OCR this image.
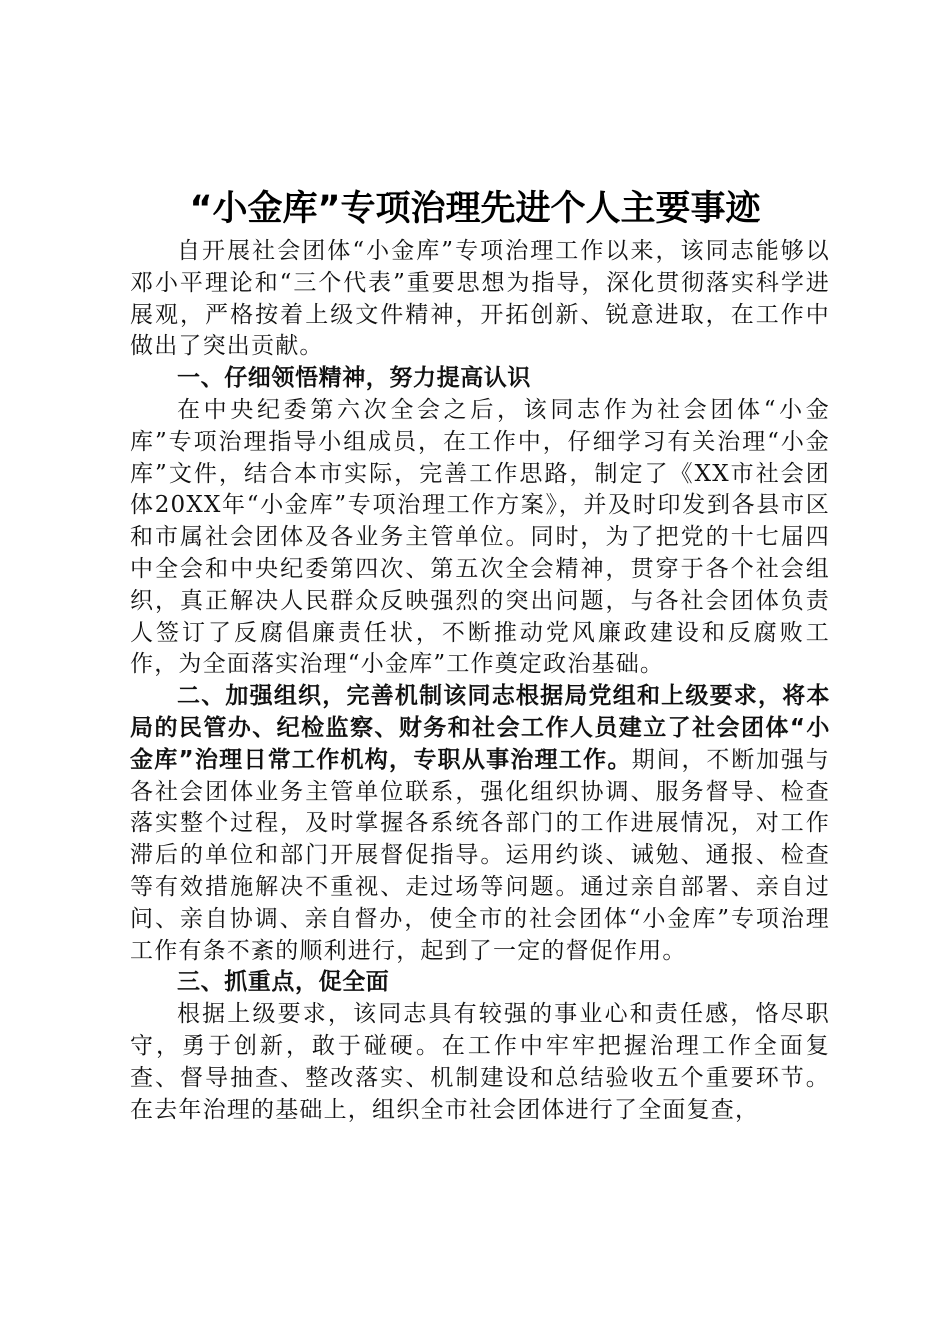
“小金库”专项治理先进个人主要事迹

自开展社会团体“小金库”专项治理工作以来，该同志能够以邓小平理论和“三个代表”重要思想为指导，深化贯彻落实科学进展观，严格按着上级文件精神，开拓创新、锐意进取，在工作中做出了突出贡献。

一、仔细领悟精神，努力提高认识

在中央纪委第六次全会之后，该同志作为社会团体“小金库”专项治理指导小组成员，在工作中，仔细学习有关治理“小金库”文件，结合本市实际，完善工作思路，制定了《XX市社会团体20XX年“小金库”专项治理工作方案》，并及时印发到各县市区和市属社会团体及各业务主管单位。同时，为了把党的十七届四中全会和中央纪委第四次、第五次全会精神，贯穿于各个社会组织，真正解决人民群众反映强烈的突出问题，与各社会团体负责人签订了反腐倡廉责任状，不断推动党风廉政建设和反腐败工作，为全面落实治理“小金库”工作奠定政治基础。

二、加强组织，完善机制该同志根据局党组和上级要求，将本局的民管办、纪检监察、财务和社会工作人员建立了社会团体“小金库”治理日常工作机构，专职从事治理工作。期间，不断加强与各社会团体业务主管单位联系，强化组织协调、服务督导、检查落实整个过程，及时掌握各系统各部门的工作进展情况，对工作滞后的单位和部门开展督促指导。运用约谈、诫勉、通报、检查等有效措施解决不重视、走过场等问题。通过亲自部署、亲自过问、亲自协调、亲自督办，使全市的社会团体“小金库”专项治理工作有条不紊的顺利进行，起到了一定的督促作用。

三、抓重点，促全面

根据上级要求，该同志具有较强的事业心和责任感，恪尽职守，勇于创新，敢于碰硬。在工作中牢牢把握治理工作全面复查、督导抽查、整改落实、机制建设和总结验收五个重要环节。在去年治理的基础上，组织全市社会团体进行了全面复查，
